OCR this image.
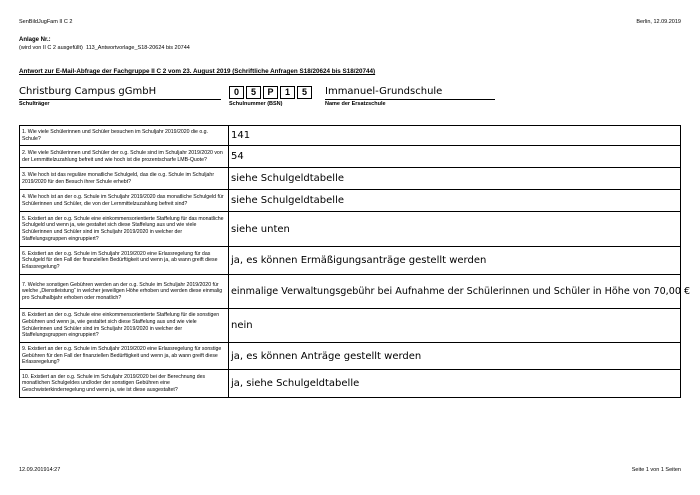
SenBildJugFam II C 2	Berlin, 12.09.2019
Anlage Nr.:
(wird von II C 2 ausgefüllt) 113_Antwortvorlage_S18-20624 bis 20744
Antwort zur E-Mail-Abfrage der Fachgruppe II C 2 vom 23. August 2019 (Schriftliche Anfragen S18/20624 bis S18/20744)
Christburg Campus gGmbH
Schulträger
0	5	P	1	5
Schulnummer (BSN)
Immanuel-Grundschule
Name der Ersatzschule
1. Wie viele Schülerinnen und Schüler besuchen im Schuljahr 2019/2020 die o.g. Schule?	141
2. Wie viele Schülerinnen und Schüler der o.g. Schule sind im Schuljahr 2019/2020 von der Lernmittelzuzahlung befreit und wie hoch ist die prozentscharfe LMB-Quote?	54
3. Wie hoch ist das reguläre monatliche Schulgeld, das die o.g. Schule im Schuljahr 2019/2020 für den Besuch ihrer Schule erhebt?	siehe Schulgeldtabelle
4. Wie hoch ist an der o.g. Schule im Schuljahr 2019/2020 das monatliche Schulgeld für Schülerinnen und Schüler, die von der Lernmittelzuzahlung befreit sind?	siehe Schulgeldtabelle
5. Existiert an der o.g. Schule eine einkommensorientierte Staffelung für das monatliche Schulgeld und wenn ja, wie gestaltet sich diese Staffelung aus und wie viele Schülerinnen und Schüler sind im Schuljahr 2019/2020 in welcher der Staffelungsgruppen eingruppiert?	siehe unten
6. Existiert an der o.g. Schule im Schuljahr 2019/2020 eine Erlassregelung für das Schulgeld für den Fall der finanziellen Bedürftigkeit und wenn ja, ab wann greift diese Erlassregelung?	ja, es können Ermäßigungsanträge gestellt werden
7. Welche sonstigen Gebühren werden an der o.g. Schule im Schuljahr 2019/2020 für welche „Dienstleistung“ in welcher jeweiligen Höhe erhoben und werden diese einmalig pro Schulhalbjahr erhoben oder monatlich?	einmalige Verwaltungsgebühr bei Aufnahme der Schülerinnen und Schüler in Höhe von 70,00 €
8. Existiert an der o.g. Schule eine einkommensorientierte Staffelung für die sonstigen Gebühren und wenn ja, wie gestaltet sich diese Staffelung aus und wie viele Schülerinnen und Schüler sind im Schuljahr 2019/2020 in welcher der Staffelungsgruppen eingruppiert?	nein
9. Existiert an der o.g. Schule im Schuljahr 2019/2020 eine Erlassregelung für sonstige Gebühren für den Fall der finanziellen Bedürftigkeit und wenn ja, ab wann greift diese Erlassregelung?	ja, es können Anträge gestellt werden
10. Existiert an der o.g. Schule im Schuljahr 2019/2020 bei der Berechnung des monatlichen Schulgeldes und/oder der sonstigen Gebühren eine Geschwisterkinderregelung und wenn ja, wie ist diese ausgestaltet?	ja, siehe Schulgeldtabelle
12.09.201914:27	Seite 1 von 1 Seiten
